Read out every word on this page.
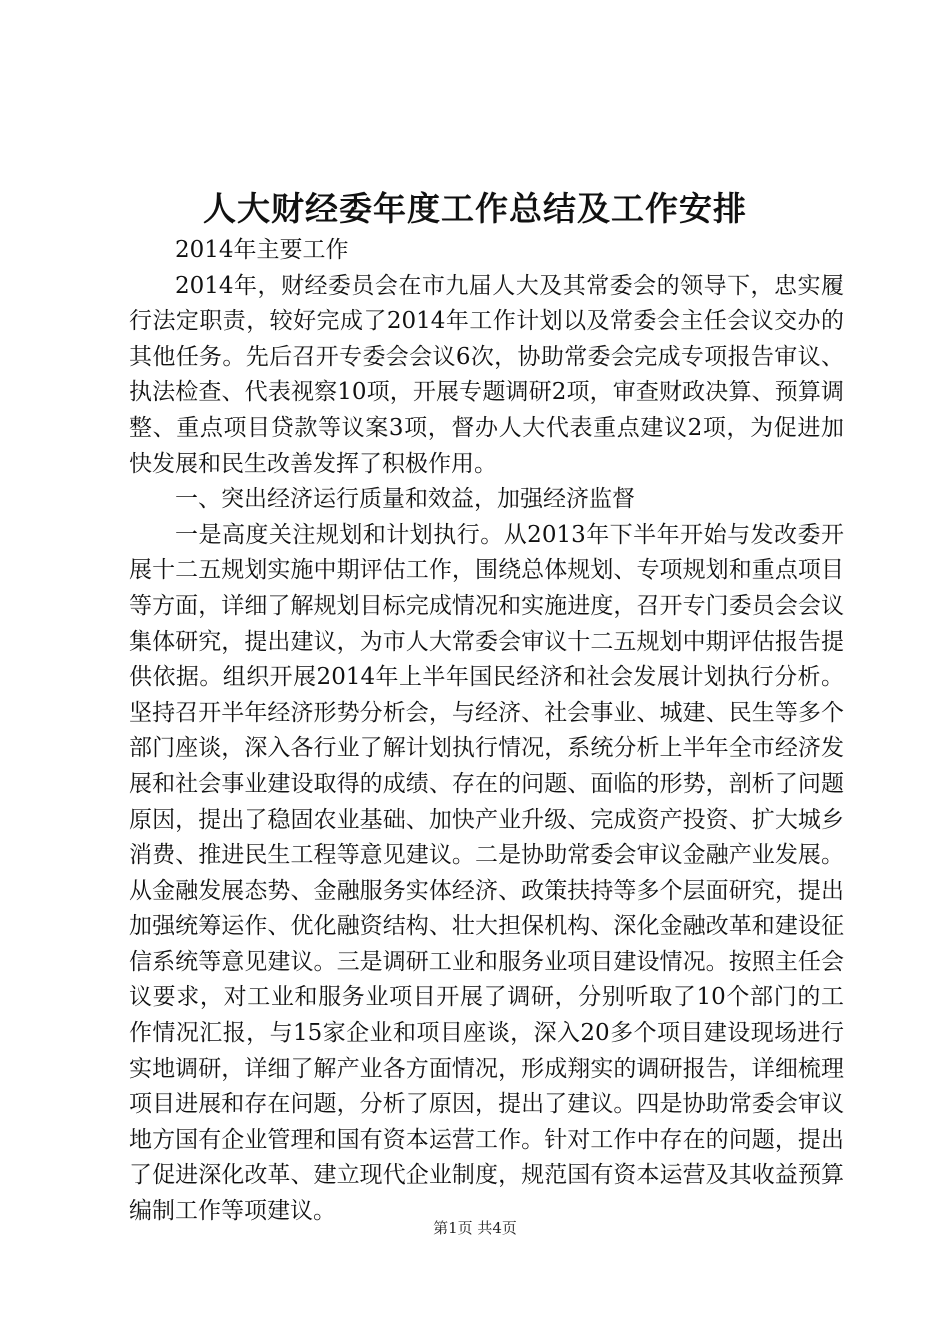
人大财经委年度工作总结及工作安排

2014年主要工作

2014年，财经委员会在市九届人大及其常委会的领导下，忠实履行法定职责，较好完成了2014年工作计划以及常委会主任会议交办的其他任务。先后召开专委会会议6次，协助常委会完成专项报告审议、执法检查、代表视察10项，开展专题调研2项，审查财政决算、预算调整、重点项目贷款等议案3项，督办人大代表重点建议2项，为促进加快发展和民生改善发挥了积极作用。

一、突出经济运行质量和效益，加强经济监督

一是高度关注规划和计划执行。从2013年下半年开始与发改委开展十二五规划实施中期评估工作，围绕总体规划、专项规划和重点项目等方面，详细了解规划目标完成情况和实施进度，召开专门委员会会议集体研究，提出建议，为市人大常委会审议十二五规划中期评估报告提供依据。组织开展2014年上半年国民经济和社会发展计划执行分析。坚持召开半年经济形势分析会，与经济、社会事业、城建、民生等多个部门座谈，深入各行业了解计划执行情况，系统分析上半年全市经济发展和社会事业建设取得的成绩、存在的问题、面临的形势，剖析了问题原因，提出了稳固农业基础、加快产业升级、完成资产投资、扩大城乡消费、推进民生工程等意见建议。二是协助常委会审议金融产业发展。从金融发展态势、金融服务实体经济、政策扶持等多个层面研究，提出加强统筹运作、优化融资结构、壮大担保机构、深化金融改革和建设征信系统等意见建议。三是调研工业和服务业项目建设情况。按照主任会议要求，对工业和服务业项目开展了调研，分别听取了10个部门的工作情况汇报，与15家企业和项目座谈，深入20多个项目建设现场进行实地调研，详细了解产业各方面情况，形成翔实的调研报告，详细梳理项目进展和存在问题，分析了原因，提出了建议。四是协助常委会审议地方国有企业管理和国有资本运营工作。针对工作中存在的问题，提出了促进深化改革、建立现代企业制度，规范国有资本运营及其收益预算编制工作等项建议。

第1页 共4页
